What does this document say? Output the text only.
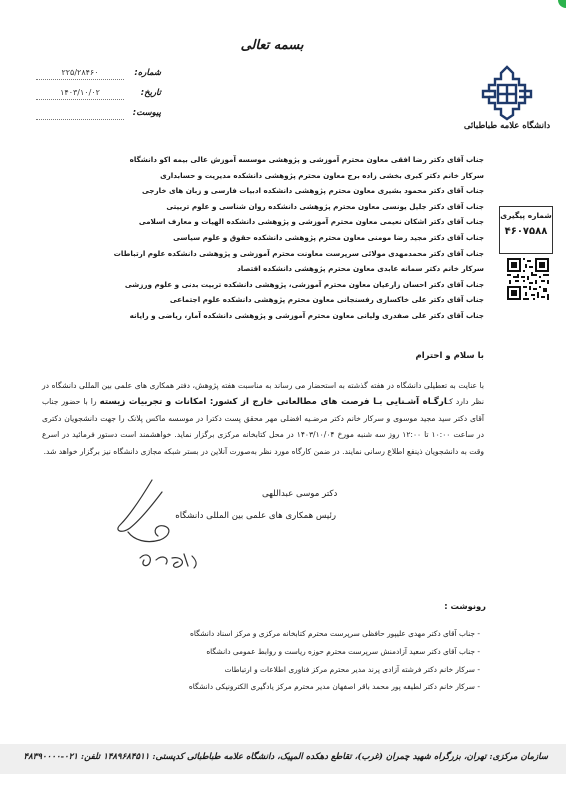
بسمه تعالی
دانشگاه علامه طباطبائی
شماره:
۲۲۵/۲۸۴۶۰
تاریخ:
۱۴۰۳/۱۰/۰۲
پیوست:
جناب آقای دکتر رضا افقی معاون محترم آموزشی و پژوهشی موسسه آموزش عالی بیمه اکو دانشگاه
سرکار خانم دکتر کبری بخشی زاده برج معاون محترم پژوهشی دانشکده مدیریت و حسابداری
جناب آقای دکتر محمود بشیری معاون محترم پژوهشی دانشکده ادبیات فارسی و زبان های خارجی
جناب آقای دکتر جلیل یونسی معاون محترم پژوهشی دانشکده روان شناسی و علوم تربیتی
جناب آقای دکتر اشکان نعیمی معاون محترم آموزشی و پژوهشی دانشکده الهیات و معارف اسلامی
جناب آقای دکتر مجید رضا مومنی معاون محترم پژوهشی دانشکده حقوق و علوم سیاسی
جناب آقای دکتر محمدمهدی مولائی سرپرست معاونت محترم آموزشی و پژوهشی دانشکده علوم ارتباطات
سرکار خانم دکتر سمانه عابدی معاون محترم پژوهشی دانشکده اقتصاد
جناب آقای دکتر احسان زارعیان معاون محترم آموزشی، پژوهشی دانشکده تربیت بدنی و علوم ورزشی
جناب آقای دکتر علی خاکساری رفسنجانی معاون محترم پژوهشی دانشکده علوم اجتماعی
جناب آقای دکتر علی صفدری ولیانی معاون محترم آموزشی و پژوهشی دانشکده آمار، ریاضی و رایانه
شماره پیگیری
۴۶۰۷۵۸۸
با سلام و احترام
با عنایت به تعطیلی دانشگاه در هفته گذشته به استحضار می رساند به مناسبت هفته پژوهش، دفتر همکاری های علمی بین المللی دانشگاه در نظر دارد کـارگـاه آشـنایی بـا فرصت های مطالعاتی خارج از کشور: امکانات و تجربیات زیسته را با حضور جناب آقای دکتر سید مجید موسوی و سرکار خانم دکتر مرضـیه افضلی مهر محقق پست دکترا در موسسه ماکس پلانک را جهت دانشجویان دکتری در ساعت ۱۰:۰۰ تا ۱۲:۰۰ روز سه شنبه مورخ ۱۴۰۳/۱۰/۰۴ در محل کتابخانه مرکزی برگزار نماید. خواهشمند است دستور فرمائید در اسرع وقت به دانشجویان ذینفع اطلاع رسانی نمایند. در ضمن کارگاه مورد نظر به‌صورت آنلاین در بستر شبکه مجازی دانشگاه نیز برگزار خواهد شد.
دکتر موسی عبداللهی
رئیس همکاری های علمی بین المللی دانشگاه
رونوشت :
- جناب آقای دکتر مهدی علیپور حافظی سرپرست محترم کتابخانه مرکزی و مرکز اسناد دانشگاه
- جناب آقای دکتر سعید آزادمنش سرپرست محترم حوزه ریاست و روابط عمومی دانشگاه
- سرکار خانم دکتر فرشته آزادی پرند مدیر محترم مرکز فناوری اطلاعات و ارتباطات
- سرکار خانم دکتر لطیفه پور محمد باقر اصفهان مدیر محترم مرکز یادگیری الکترونیکی دانشگاه
سازمان مرکزی: تهران، بزرگراه شهید چمران (غرب)، تقاطع دهکده المپیک، دانشگاه علامه طباطبائی کدپستی: ۱۴۸۹۶۸۴۵۱۱ تلفن: ۰۲۱-۴۸۳۹۰۰۰۰
